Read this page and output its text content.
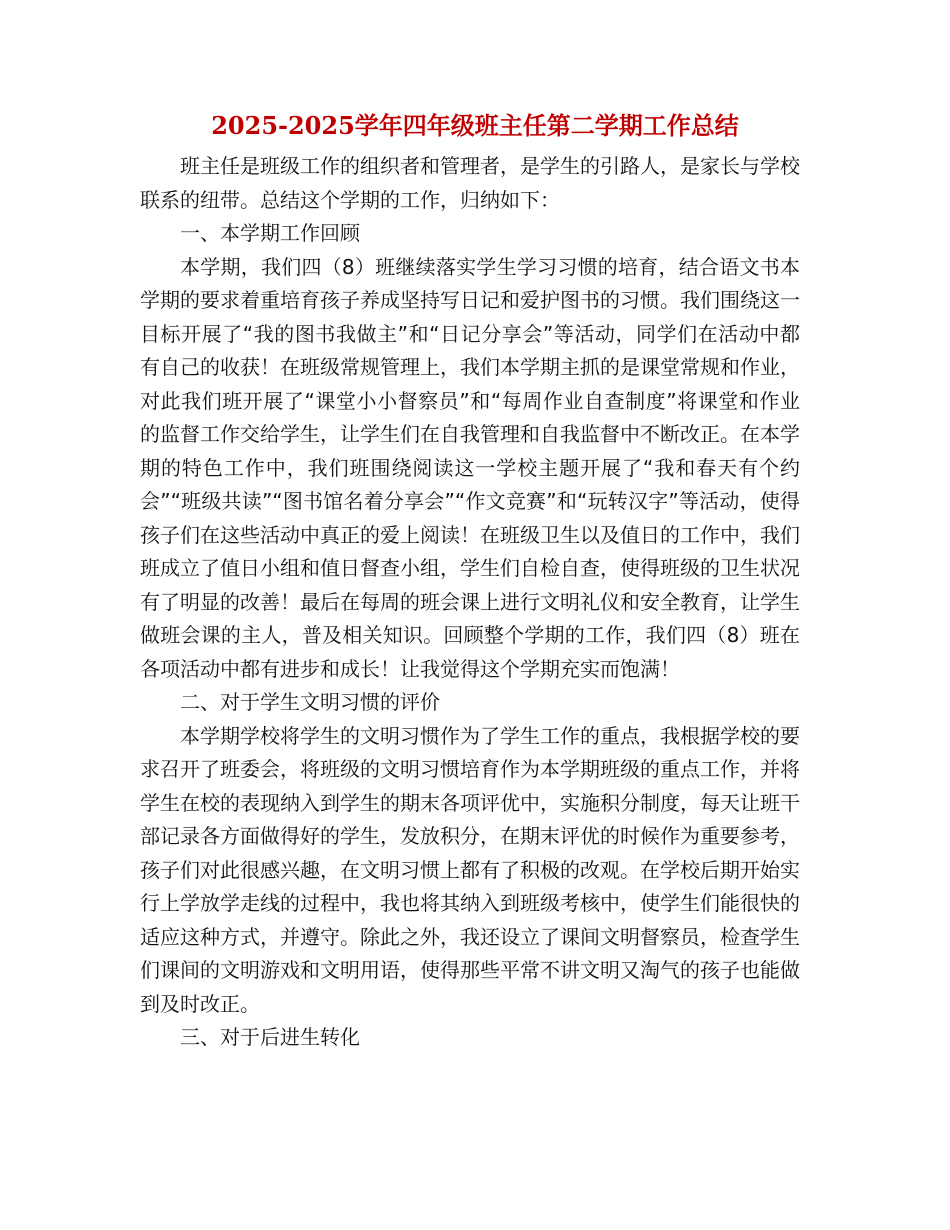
2025-2025学年四年级班主任第二学期工作总结

班主任是班级工作的组织者和管理者，是学生的引路人，是家长与学校联系的纽带。总结这个学期的工作，归纳如下：

一、本学期工作回顾

本学期，我们四（8）班继续落实学生学习习惯的培育，结合语文书本学期的要求着重培育孩子养成坚持写日记和爱护图书的习惯。我们围绕这一目标开展了“我的图书我做主”和“日记分享会”等活动，同学们在活动中都有自己的收获！在班级常规管理上，我们本学期主抓的是课堂常规和作业，对此我们班开展了“课堂小小督察员”和“每周作业自查制度”将课堂和作业的监督工作交给学生，让学生们在自我管理和自我监督中不断改正。在本学期的特色工作中，我们班围绕阅读这一学校主题开展了“我和春天有个约会”“班级共读”“图书馆名着分享会”“作文竞赛”和“玩转汉字”等活动，使得孩子们在这些活动中真正的爱上阅读！在班级卫生以及值日的工作中，我们班成立了值日小组和值日督查小组，学生们自检自查，使得班级的卫生状况有了明显的改善！最后在每周的班会课上进行文明礼仪和安全教育，让学生做班会课的主人，普及相关知识。回顾整个学期的工作，我们四（8）班在各项活动中都有进步和成长！让我觉得这个学期充实而饱满！

二、对于学生文明习惯的评价

本学期学校将学生的文明习惯作为了学生工作的重点，我根据学校的要求召开了班委会，将班级的文明习惯培育作为本学期班级的重点工作，并将学生在校的表现纳入到学生的期末各项评优中，实施积分制度，每天让班干部记录各方面做得好的学生，发放积分，在期末评优的时候作为重要参考，孩子们对此很感兴趣，在文明习惯上都有了积极的改观。在学校后期开始实行上学放学走线的过程中，我也将其纳入到班级考核中，使学生们能很快的适应这种方式，并遵守。除此之外，我还设立了课间文明督察员，检查学生们课间的文明游戏和文明用语，使得那些平常不讲文明又淘气的孩子也能做到及时改正。

三、对于后进生转化
